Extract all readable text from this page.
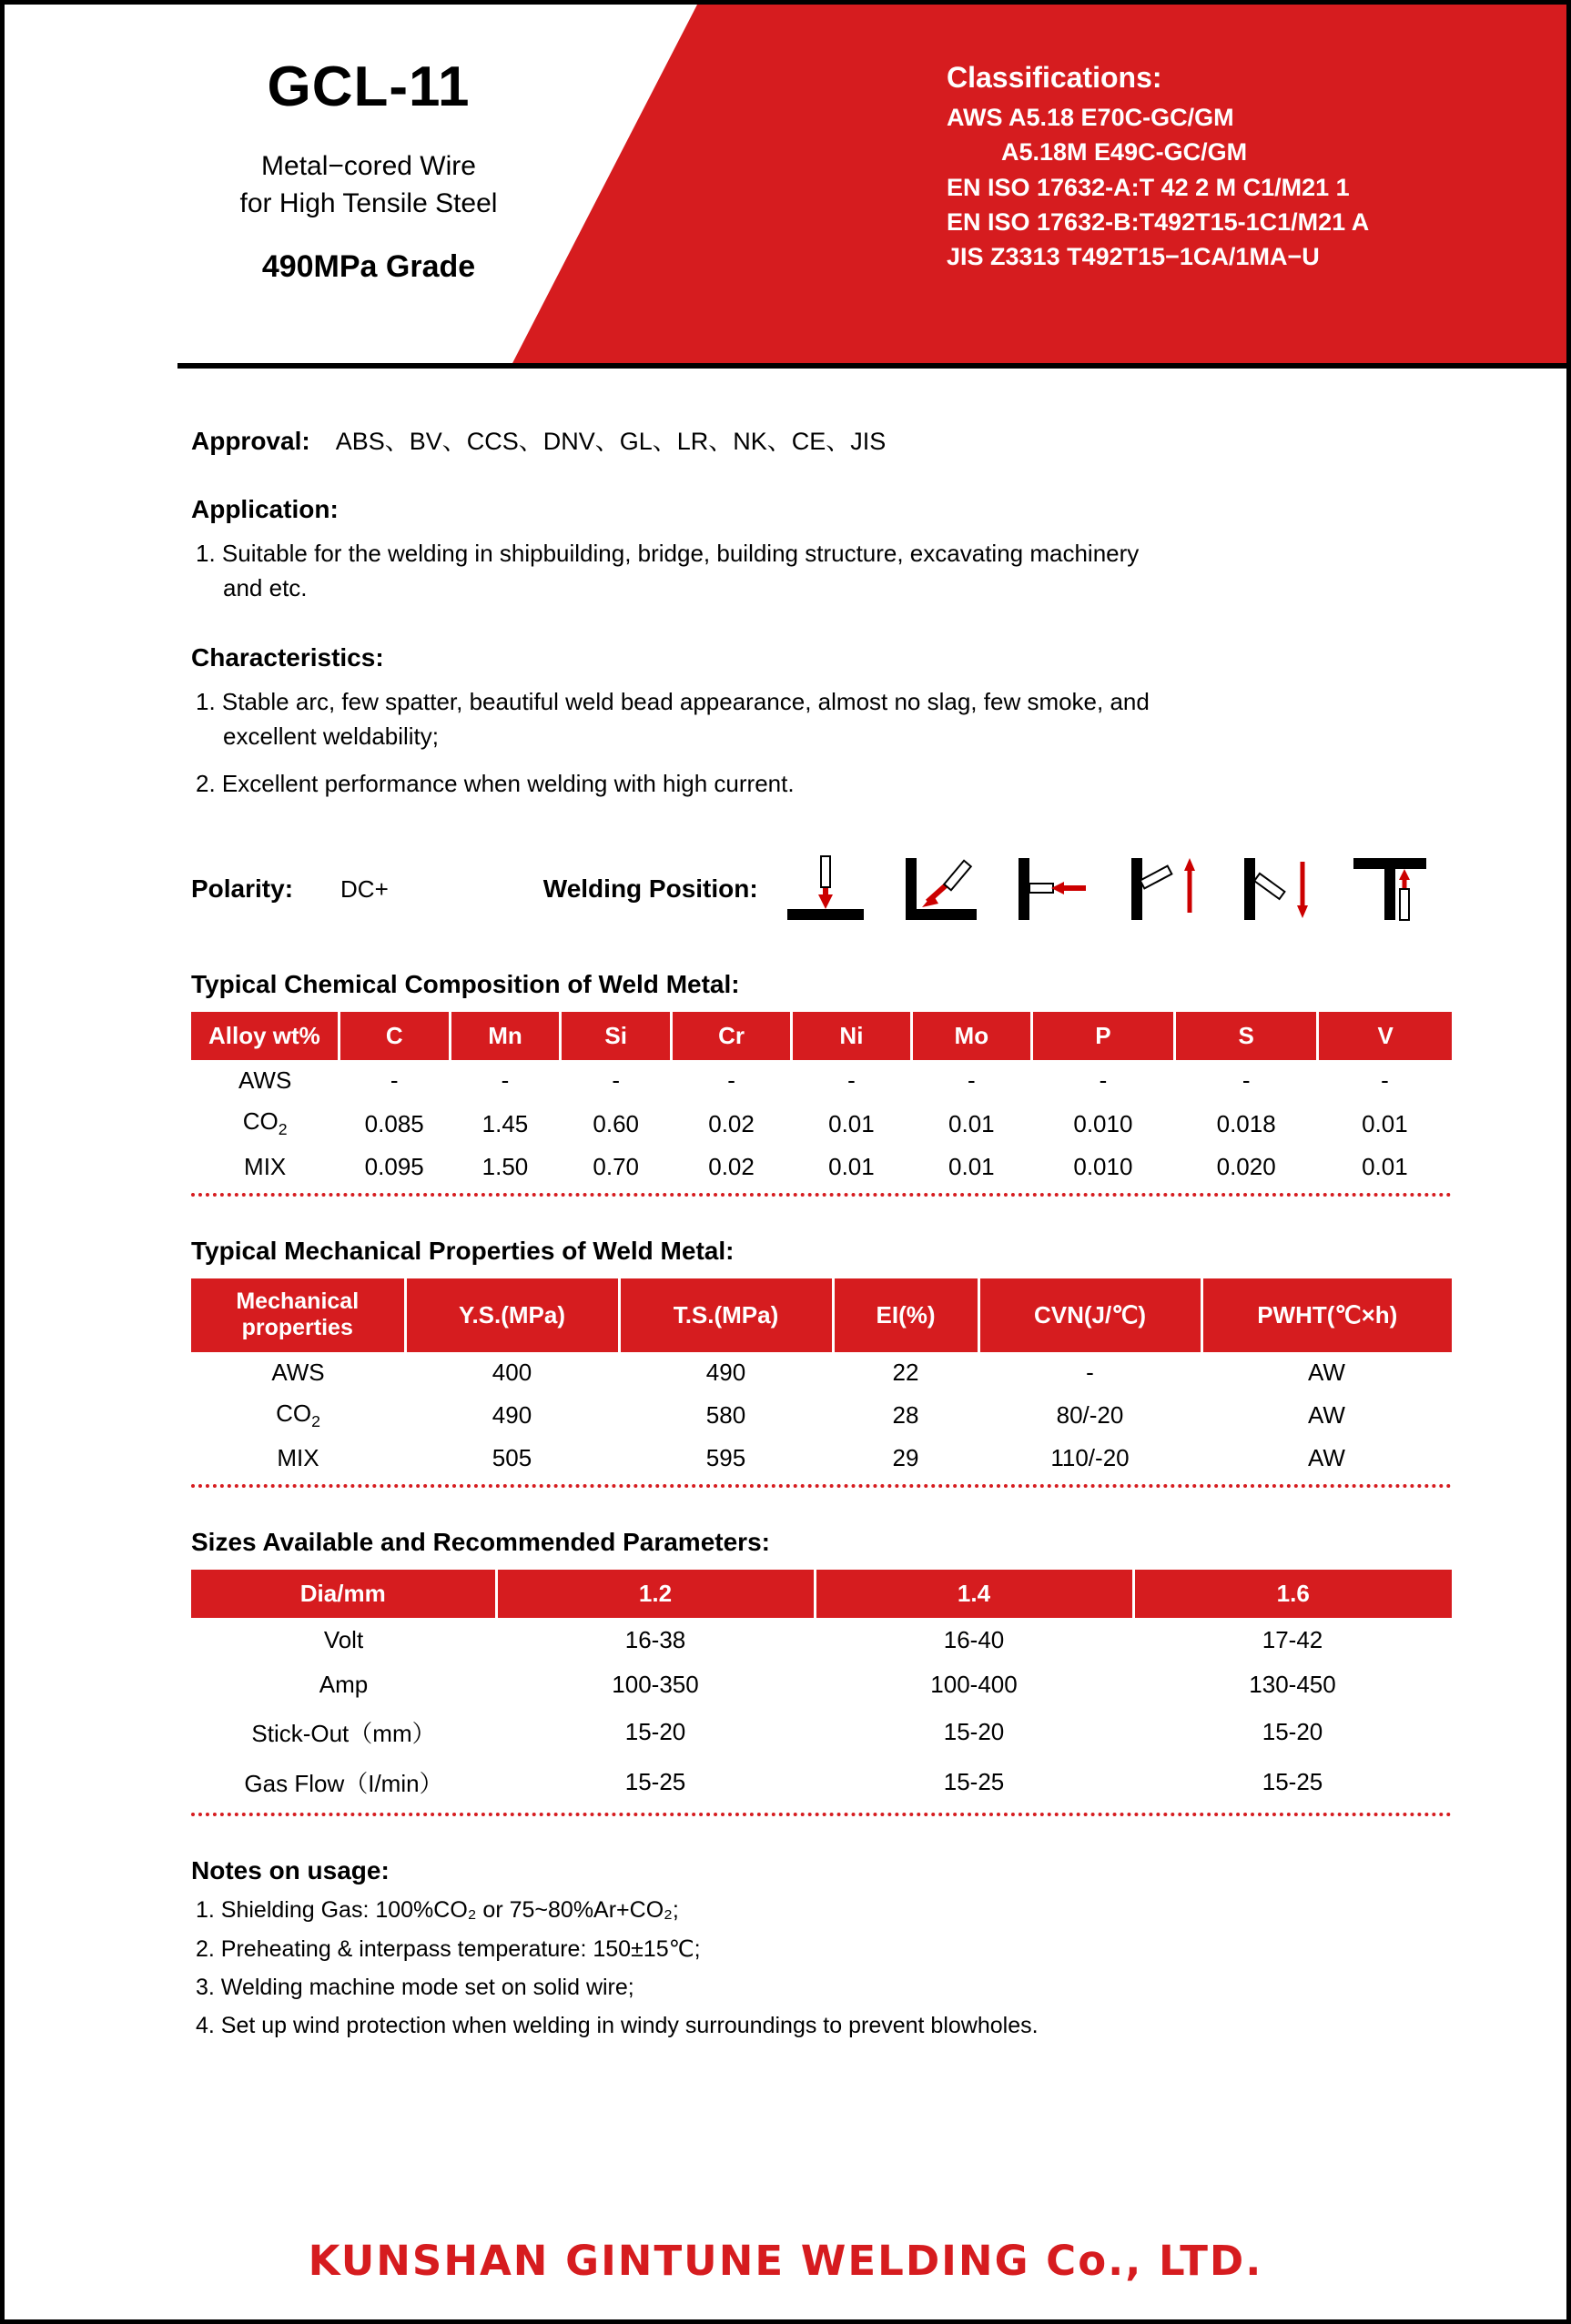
GCL-11
Metal−cored Wire
for High Tensile Steel
490MPa Grade
Classifications:
AWS A5.18 E70C-GC/GM
A5.18M E49C-GC/GM
EN ISO 17632-A:T 42 2 M C1/M21 1
EN ISO 17632-B:T492T15-1C1/M21 A
JIS Z3313 T492T15−1CA/1MA−U
Approval: ABS、BV、CCS、DNV、GL、LR、NK、CE、JIS
Application:
1. Suitable for the welding in shipbuilding, bridge, building structure, excavating machinery
and etc.
Characteristics:
1. Stable arc, few spatter, beautiful weld bead appearance, almost no slag, few smoke, and
excellent weldability;
2. Excellent performance when welding with high current.
Polarity: DC+	Welding Position:
Typical Chemical Composition of Weld Metal:
Alloy wt%	C	Mn	Si	Cr	Ni	Mo	P	S	V
AWS	-	-	-	-	-	-	-	-	-
$CO_2$	0.085	1.45	0.60	0.02	0.01	0.01	0.010	0.018	0.01
MIX	0.095	1.50	0.70	0.02	0.01	0.01	0.010	0.020	0.01
Typical Mechanical Properties of Weld Metal:
Mechanical
properties	Y.S.(MPa)	T.S.(MPa)	EI(%)	CVN(J/℃)	PWHT(℃×h)
AWS	400	490	22	-	AW
$CO_2$	490	580	28	80/-20	AW
MIX	505	595	29	110/-20	AW
Sizes Available and Recommended Parameters:
Dia/mm	1.2	1.4	1.6
Volt	16-38	16-40	17-42
Amp	100-350	100-400	130-450
Stick-Out（mm）	15-20	15-20	15-20
Gas Flow（I/min）	15-25	15-25	15-25
Notes on usage:
1. Shielding Gas: 100%CO₂ or 75~80%Ar+CO₂;
2. Preheating & interpass temperature: 150±15℃;
3. Welding machine mode set on solid wire;
4. Set up wind protection when welding in windy surroundings to prevent blowholes.
KUNSHAN GINTUNE WELDING Co., LTD.
